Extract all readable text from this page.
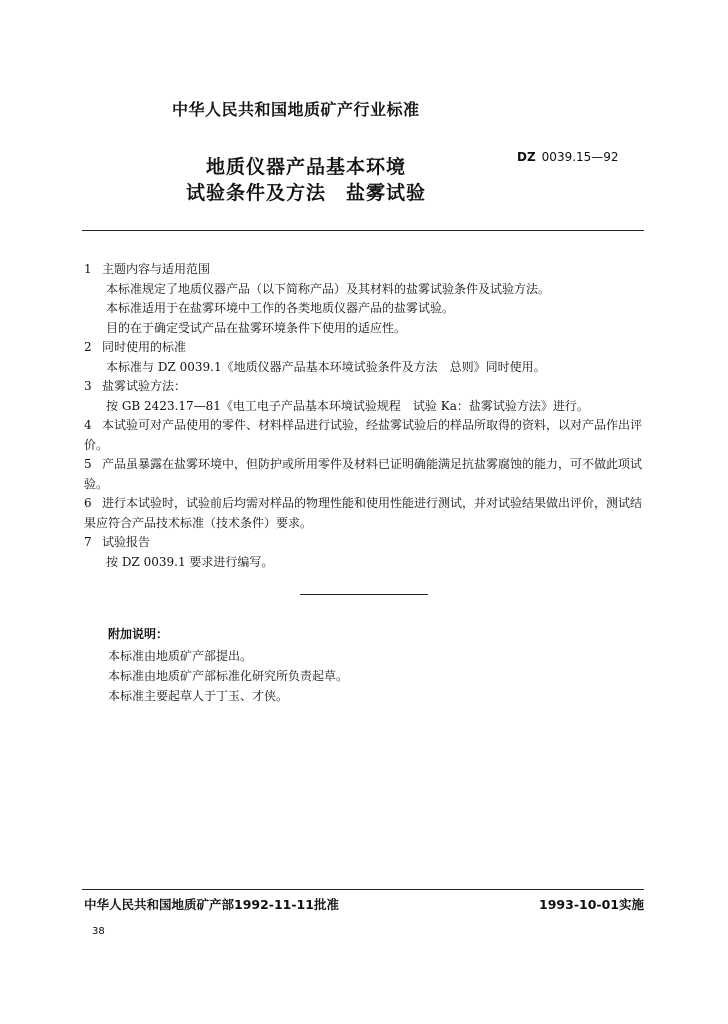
中华人民共和国地质矿产行业标准
地质仪器产品基本环境
试验条件及方法　盐雾试验
DZ 0039.15—92

1 主题内容与适用范围

本标准规定了地质仪器产品（以下简称产品）及其材料的盐雾试验条件及试验方法。

本标准适用于在盐雾环境中工作的各类地质仪器产品的盐雾试验。

目的在于确定受试产品在盐雾环境条件下使用的适应性。

2 同时使用的标准

本标准与 DZ 0039.1《地质仪器产品基本环境试验条件及方法　总则》同时使用。

3 盐雾试验方法：

按 GB 2423.17—81《电工电子产品基本环境试验规程　试验 Ka：盐雾试验方法》进行。

4 本试验可对产品使用的零件、材料样品进行试验，经盐雾试验后的样品所取得的资料，以对产品作出评价。

5 产品虽暴露在盐雾环境中，但防护或所用零件及材料已证明确能满足抗盐雾腐蚀的能力，可不做此项试验。

6 进行本试验时，试验前后均需对样品的物理性能和使用性能进行测试，并对试验结果做出评价，测试结果应符合产品技术标准（技术条件）要求。

7 试验报告

按 DZ 0039.1 要求进行编写。

附加说明：

本标准由地质矿产部提出。

本标准由地质矿产部标准化研究所负责起草。

本标准主要起草人于丁玉、才侠。

中华人民共和国地质矿产部1992-11-11批准	1993-10-01实施
38
